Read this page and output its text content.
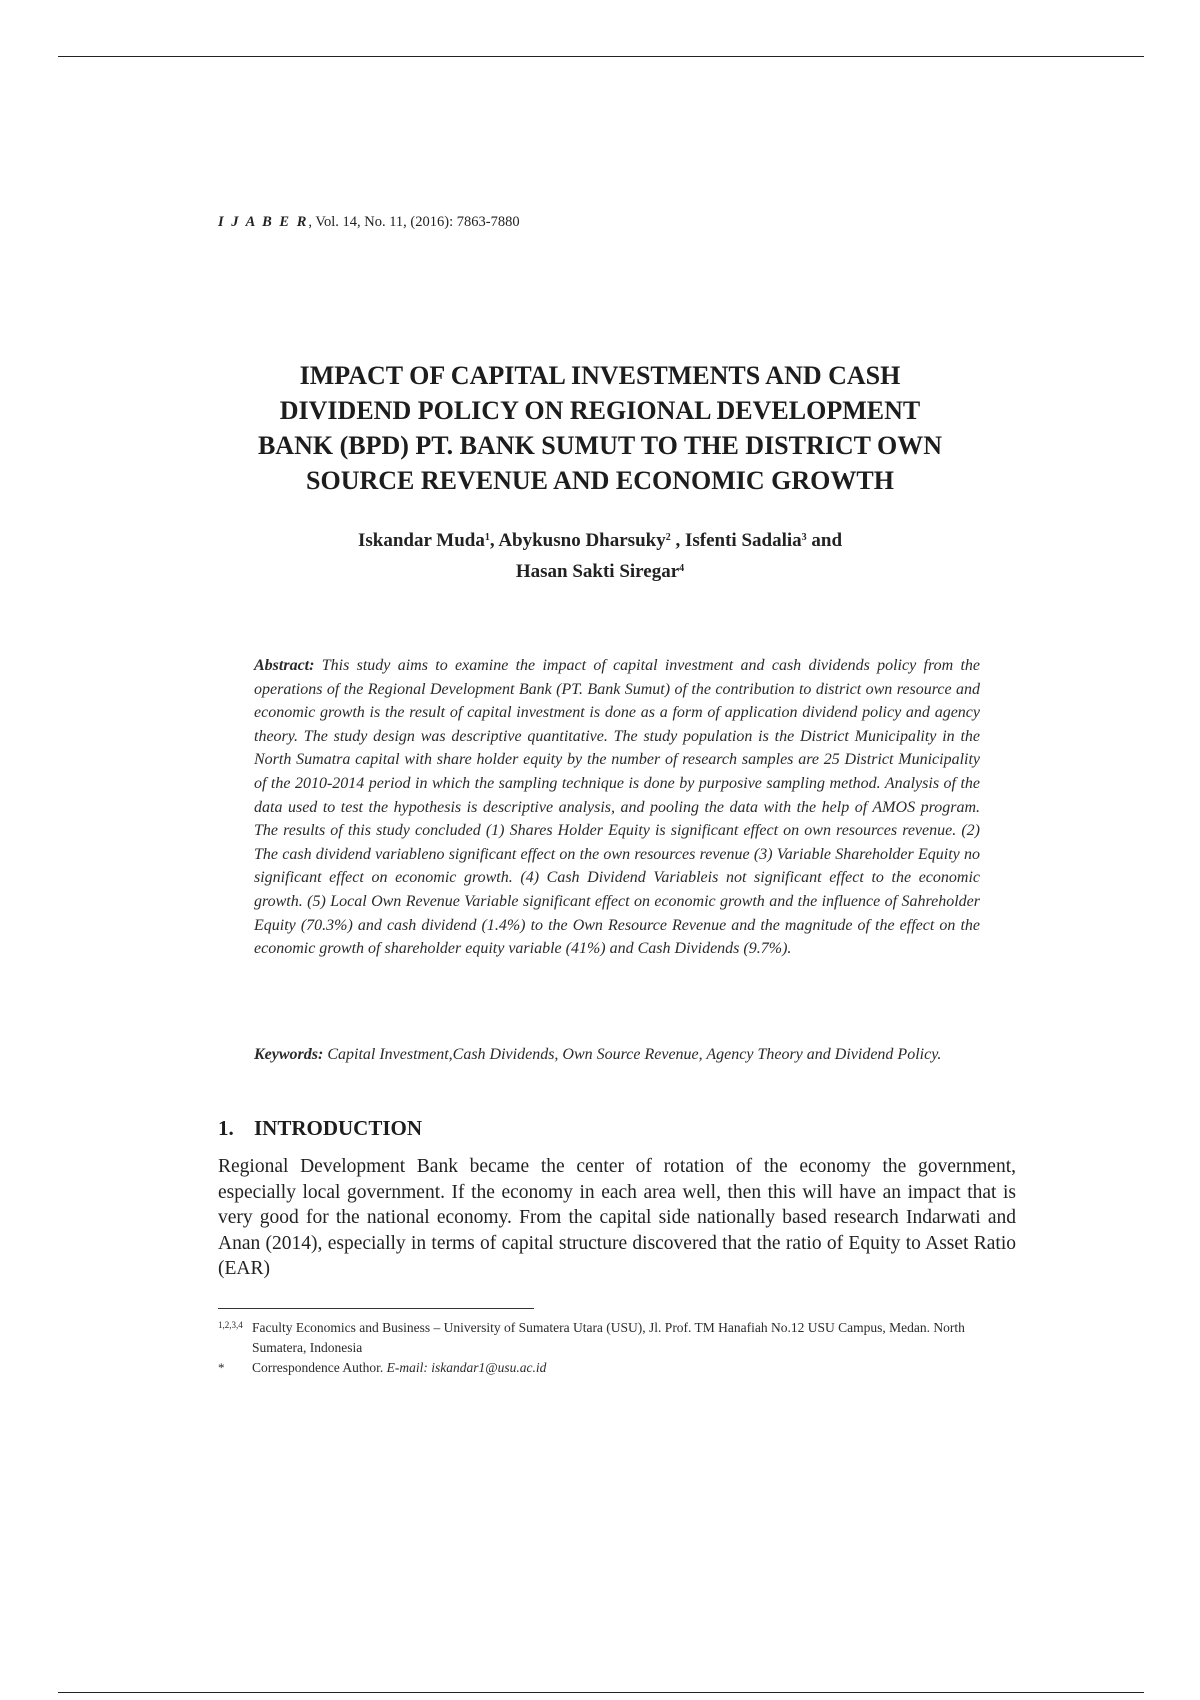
I J A B E R, Vol. 14, No. 11, (2016): 7863-7880
IMPACT OF CAPITAL INVESTMENTS AND CASH
DIVIDEND POLICY ON REGIONAL DEVELOPMENT
BANK (BPD) PT. BANK SUMUT TO THE DISTRICT OWN
SOURCE REVENUE AND ECONOMIC GROWTH
Iskandar Muda$^1$, Abykusno Dharsuky$^2$ , Isfenti Sadalia$^3$ and
Hasan Sakti Siregar$^4$
Abstract: This study aims to examine the impact of capital investment and cash dividends policy from the operations of the Regional Development Bank (PT. Bank Sumut) of the contribution to district own resource and economic growth is the result of capital investment is done as a form of application dividend policy and agency theory. The study design was descriptive quantitative. The study population is the District Municipality in the North Sumatra capital with share holder equity by the number of research samples are 25 District Municipality of the 2010-2014 period in which the sampling technique is done by purposive sampling method. Analysis of the data used to test the hypothesis is descriptive analysis, and pooling the data with the help of AMOS program. The results of this study concluded (1) Shares Holder Equity is significant effect on own resources revenue. (2) The cash dividend variableno significant effect on the own resources revenue (3) Variable Shareholder Equity no significant effect on economic growth. (4) Cash Dividend Variableis not significant effect to the economic growth. (5) Local Own Revenue Variable significant effect on economic growth and the influence of Sahreholder Equity (70.3%) and cash dividend (1.4%) to the Own Resource Revenue and the magnitude of the effect on the economic growth of shareholder equity variable (41%) and Cash Dividends (9.7%).
Keywords: Capital Investment,Cash Dividends, Own Source Revenue, Agency Theory and Dividend Policy.
1. INTRODUCTION
Regional Development Bank became the center of rotation of the economy the government, especially local government. If the economy in each area well, then this will have an impact that is very good for the national economy. From the capital side nationally based research Indarwati and Anan (2014), especially in terms of capital structure discovered that the ratio of Equity to Asset Ratio (EAR)
1,2,3,4 Faculty Economics and Business – University of Sumatera Utara (USU), Jl. Prof. TM Hanafiah No.12 USU Campus, Medan. North Sumatera, Indonesia
* Correspondence Author. E-mail: iskandar1@usu.ac.id
